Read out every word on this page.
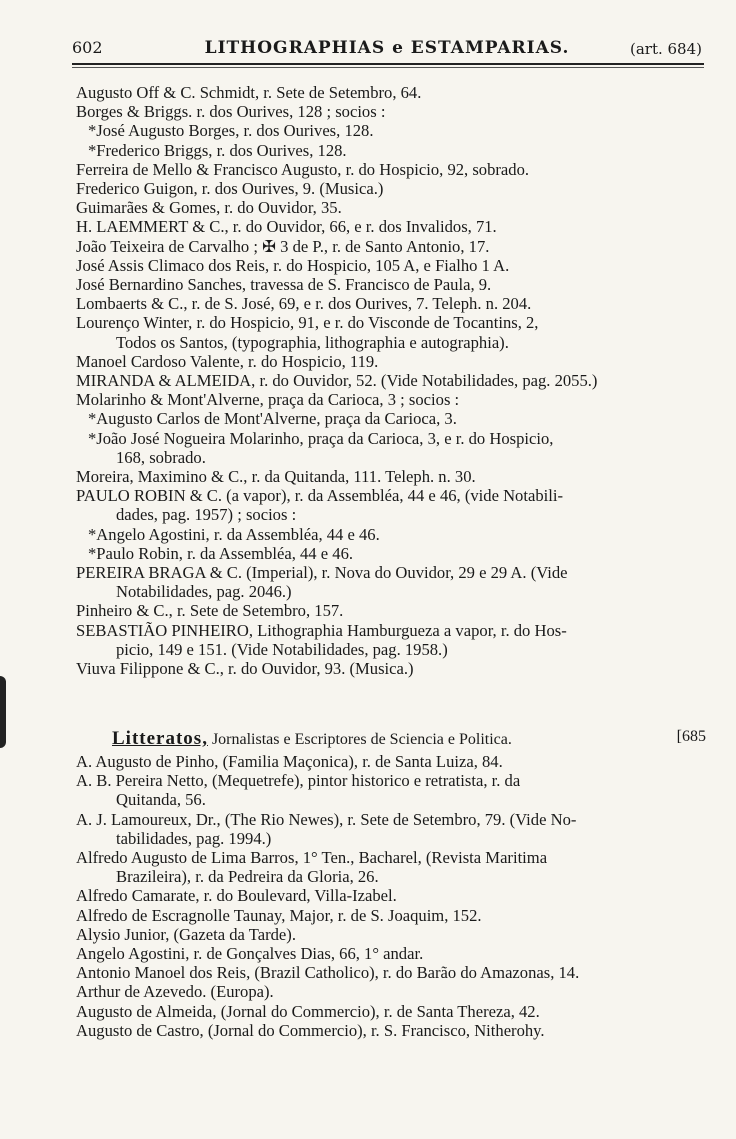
602	LITHOGRAPHIAS e ESTAMPARIAS.	(art. 684)
Augusto Off & C. Schmidt, r. Sete de Setembro, 64.
Borges & Briggs. r. dos Ourives, 128 ; socios :
*José Augusto Borges, r. dos Ourives, 128.
*Frederico Briggs, r. dos Ourives, 128.
Ferreira de Mello & Francisco Augusto, r. do Hospicio, 92, sobrado.
Frederico Guigon, r. dos Ourives, 9. (Musica.)
Guimarães & Gomes, r. do Ouvidor, 35.
H. LAEMMERT & C., r. do Ouvidor, 66, e r. dos Invalidos, 71.
João Teixeira de Carvalho ; ✠ 3 de P., r. de Santo Antonio, 17.
José Assis Climaco dos Reis, r. do Hospicio, 105 A, e Fialho 1 A.
José Bernardino Sanches, travessa de S. Francisco de Paula, 9.
Lombaerts & C., r. de S. José, 69, e r. dos Ourives, 7. Teleph. n. 204.
Lourenço Winter, r. do Hospicio, 91, e r. do Visconde de Tocantins, 2,
Todos os Santos, (typographia, lithographia e autographia).
Manoel Cardoso Valente, r. do Hospicio, 119.
MIRANDA & ALMEIDA, r. do Ouvidor, 52. (Vide Notabilidades, pag. 2055.)
Molarinho & Mont'Alverne, praça da Carioca, 3 ; socios :
*Augusto Carlos de Mont'Alverne, praça da Carioca, 3.
*João José Nogueira Molarinho, praça da Carioca, 3, e r. do Hospicio,
168, sobrado.
Moreira, Maximino & C., r. da Quitanda, 111. Teleph. n. 30.
PAULO ROBIN & C. (a vapor), r. da Assembléa, 44 e 46, (vide Notabili-
dades, pag. 1957) ; socios :
*Angelo Agostini, r. da Assembléa, 44 e 46.
*Paulo Robin, r. da Assembléa, 44 e 46.
PEREIRA BRAGA & C. (Imperial), r. Nova do Ouvidor, 29 e 29 A. (Vide
Notabilidades, pag. 2046.)
Pinheiro & C., r. Sete de Setembro, 157.
SEBASTIÃO PINHEIRO, Lithographia Hamburgueza a vapor, r. do Hos-
picio, 149 e 151. (Vide Notabilidades, pag. 1958.)
Viuva Filippone & C., r. do Ouvidor, 93. (Musica.)
Litteratos, Jornalistas e Escriptores de Sciencia e Politica.	[685
A. Augusto de Pinho, (Familia Maçonica), r. de Santa Luiza, 84.
A. B. Pereira Netto, (Mequetrefe), pintor historico e retratista, r. da
Quitanda, 56.
A. J. Lamoureux, Dr., (The Rio Newes), r. Sete de Setembro, 79. (Vide No-
tabilidades, pag. 1994.)
Alfredo Augusto de Lima Barros, 1° Ten., Bacharel, (Revista Maritima
Brazileira), r. da Pedreira da Gloria, 26.
Alfredo Camarate, r. do Boulevard, Villa-Izabel.
Alfredo de Escragnolle Taunay, Major, r. de S. Joaquim, 152.
Alysio Junior, (Gazeta da Tarde).
Angelo Agostini, r. de Gonçalves Dias, 66, 1° andar.
Antonio Manoel dos Reis, (Brazil Catholico), r. do Barão do Amazonas, 14.
Arthur de Azevedo. (Europa).
Augusto de Almeida, (Jornal do Commercio), r. de Santa Thereza, 42.
Augusto de Castro, (Jornal do Commercio), r. S. Francisco, Nitherohy.
